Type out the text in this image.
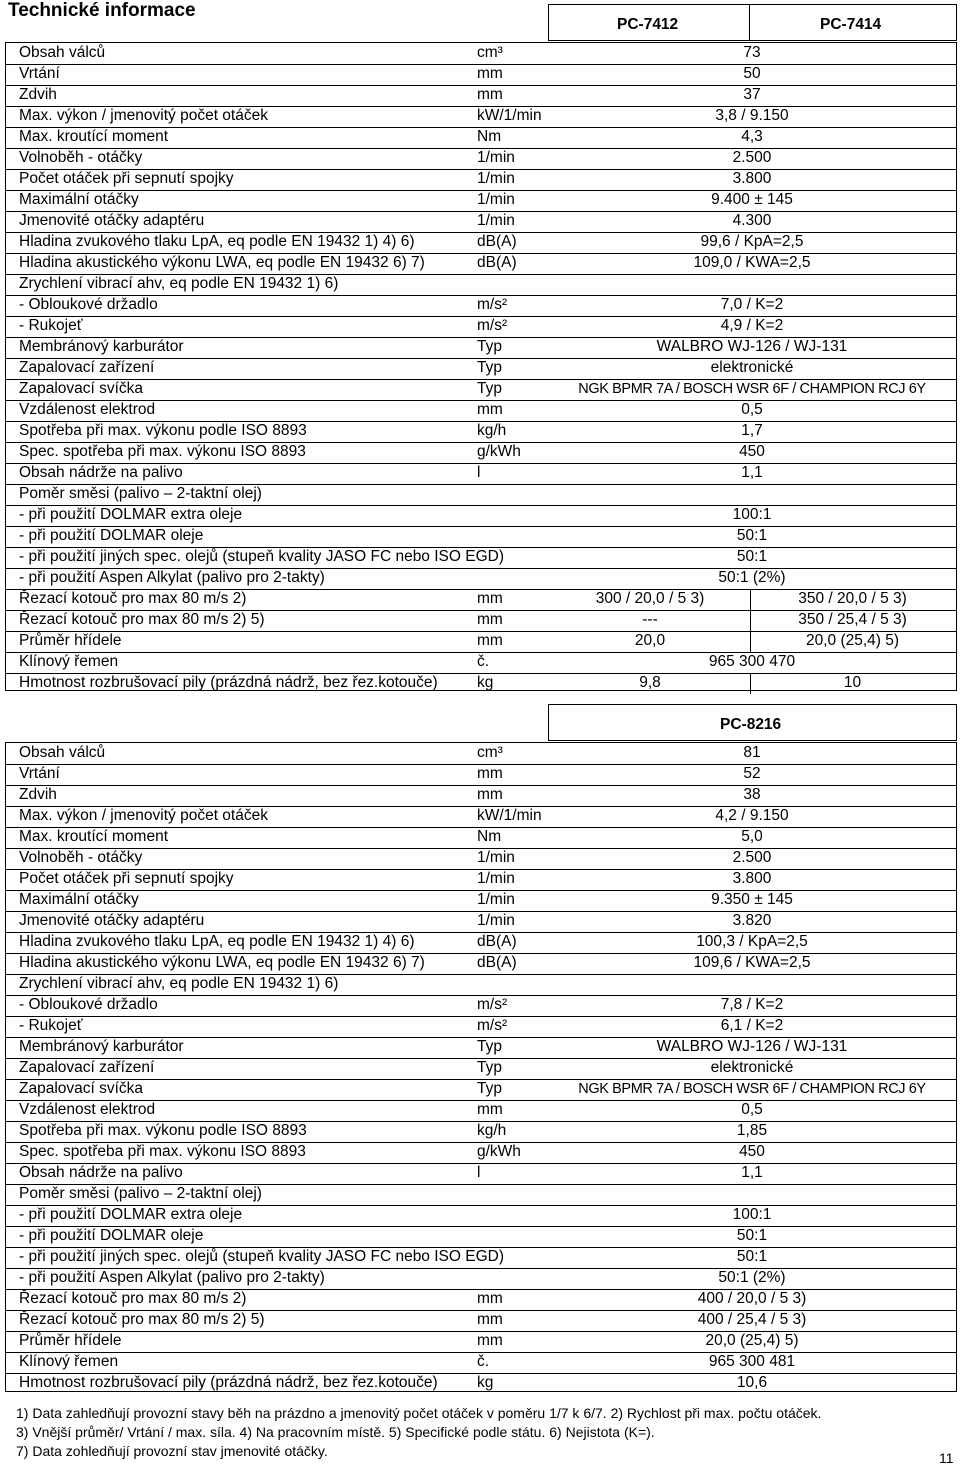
Technické informace
PC-7412	PC-7414
Obsah válců	cm³	73
Vrtání	mm	50
Zdvih	mm	37
Max. výkon / jmenovitý počet otáček	kW/1/min	3,8 / 9.150
Max. kroutící moment	Nm	4,3
Volnoběh - otáčky	1/min	2.500
Počet otáček při sepnutí spojky	1/min	3.800
Maximální otáčky	1/min	9.400 ± 145
Jmenovité otáčky adaptéru	1/min	4.300
Hladina zvukového tlaku LpA, eq podle EN 19432 1) 4) 6)	dB(A)	99,6 / KpA=2,5
Hladina akustického výkonu LWA, eq podle EN 19432 6) 7)	dB(A)	109,0 / KWA=2,5
Zrychlení vibrací ahv, eq podle EN 19432 1) 6)
- Obloukové držadlo	m/s²	7,0 / K=2
- Rukojeť	m/s²	4,9 / K=2
Membránový karburátor	Typ	WALBRO WJ-126 / WJ-131
Zapalovací zařízení	Typ	elektronické
Zapalovací svíčka	Typ	NGK BPMR 7A / BOSCH WSR 6F / CHAMPION RCJ 6Y
Vzdálenost elektrod	mm	0,5
Spotřeba při max. výkonu podle ISO 8893	kg/h	1,7
Spec. spotřeba při max. výkonu ISO 8893	g/kWh	450
Obsah nádrže na palivo	l	1,1
Poměr směsi (palivo – 2-taktní olej)
- při použití DOLMAR extra oleje	100:1
- při použití DOLMAR oleje	50:1
- při použití jiných spec. olejů (stupeň kvality JASO FC nebo ISO EGD)	50:1
- při použití Aspen Alkylat (palivo pro 2-takty)	50:1 (2%)
Řezací kotouč pro max 80 m/s 2)	mm	300 / 20,0 / 5 3)	350 / 20,0 / 5 3)
Řezací kotouč pro max 80 m/s 2) 5)	mm	---	350 / 25,4 / 5 3)
Průměr hřídele	mm	20,0	20,0 (25,4) 5)
Klínový řemen	č.	965 300 470
Hmotnost rozbrušovací pily (prázdná nádrž, bez řez.kotouče)	kg	9,8	10
PC-8216
Obsah válců	cm³	81
Vrtání	mm	52
Zdvih	mm	38
Max. výkon / jmenovitý počet otáček	kW/1/min	4,2 / 9.150
Max. kroutící moment	Nm	5,0
Volnoběh - otáčky	1/min	2.500
Počet otáček při sepnutí spojky	1/min	3.800
Maximální otáčky	1/min	9.350 ± 145
Jmenovité otáčky adaptéru	1/min	3.820
Hladina zvukového tlaku LpA, eq podle EN 19432 1) 4) 6)	dB(A)	100,3 / KpA=2,5
Hladina akustického výkonu LWA, eq podle EN 19432 6) 7)	dB(A)	109,6 / KWA=2,5
Zrychlení vibrací ahv, eq podle EN 19432 1) 6)
- Obloukové držadlo	m/s²	7,8 / K=2
- Rukojeť	m/s²	6,1 / K=2
Membránový karburátor	Typ	WALBRO WJ-126 / WJ-131
Zapalovací zařízení	Typ	elektronické
Zapalovací svíčka	Typ	NGK BPMR 7A / BOSCH WSR 6F / CHAMPION RCJ 6Y
Vzdálenost elektrod	mm	0,5
Spotřeba při max. výkonu podle ISO 8893	kg/h	1,85
Spec. spotřeba při max. výkonu ISO 8893	g/kWh	450
Obsah nádrže na palivo	l	1,1
Poměr směsi (palivo – 2-taktní olej)
- při použití DOLMAR extra oleje	100:1
- při použití DOLMAR oleje	50:1
- při použití jiných spec. olejů (stupeň kvality JASO FC nebo ISO EGD)	50:1
- při použití Aspen Alkylat (palivo pro 2-takty)	50:1 (2%)
Řezací kotouč pro max 80 m/s 2)	mm	400 / 20,0 / 5 3)
Řezací kotouč pro max 80 m/s 2) 5)	mm	400 / 25,4 / 5 3)
Průměr hřídele	mm	20,0 (25,4) 5)
Klínový řemen	č.	965 300 481
Hmotnost rozbrušovací pily (prázdná nádrž, bez řez.kotouče)	kg	10,6
1) Data zahledňují provozní stavy běh na prázdno a jmenovitý počet otáček v poměru 1/7 k 6/7. 2) Rychlost při max. počtu otáček.
3) Vnější průměr/ Vrtání / max. síla. 4) Na pracovním místě. 5) Specifické podle státu. 6) Nejistota (K=).
7) Data zohledňují provozní stav jmenovité otáčky.	11
